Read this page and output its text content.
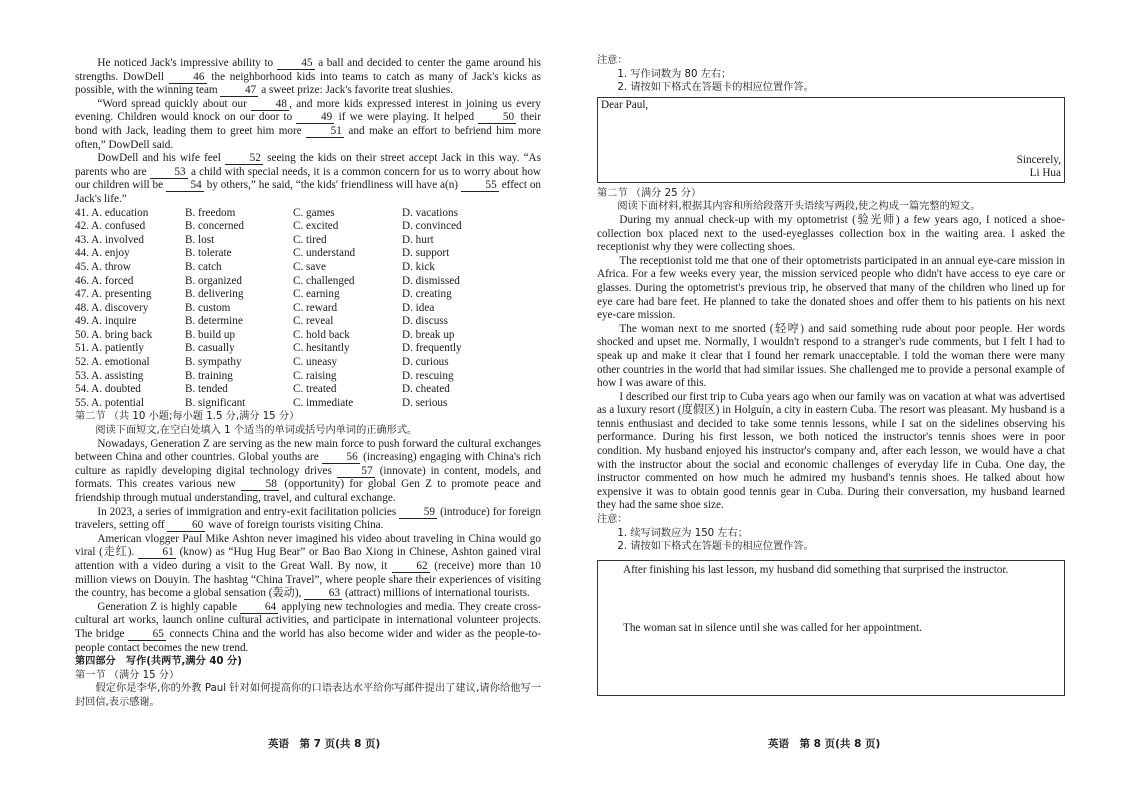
He noticed Jack's impressive ability to 45 a ball and decided to center the game around his strengths. DowDell 46 the neighborhood kids into teams to catch as many of Jack's kicks as possible, with the winning team 47 a sweet prize: Jack's favorite treat slushies.

“Word spread quickly about our 48 , and more kids expressed interest in joining us every evening. Children would knock on our door to 49 if we were playing. It helped 50 their bond with Jack, leading them to greet him more 51 and make an effort to befriend him more often,” DowDell said.

DowDell and his wife feel 52 seeing the kids on their street accept Jack in this way. “As parents who are 53 a child with special needs, it is a common concern for us to worry about how our children will be 54 by others,” he said, “the kids' friendliness will have a(n) 55 effect on Jack's life.”

41. A. education	B. freedom	C. games	D. vacations
42. A. confused	B. concerned	C. excited	D. convinced
43. A. involved	B. lost	C. tired	D. hurt
44. A. enjoy	B. tolerate	C. understand	D. support
45. A. throw	B. catch	C. save	D. kick
46. A. forced	B. organized	C. challenged	D. dismissed
47. A. presenting	B. delivering	C. earning	D. creating
48. A. discovery	B. custom	C. reward	D. idea
49. A. inquire	B. determine	C. reveal	D. discuss
50. A. bring back	B. build up	C. hold back	D. break up
51. A. patiently	B. casually	C. hesitantly	D. frequently
52. A. emotional	B. sympathy	C. uneasy	D. curious
53. A. assisting	B. training	C. raising	D. rescuing
54. A. doubted	B. tended	C. treated	D. cheated
55. A. potential	B. significant	C. immediate	D. serious
第二节 （共 10 小题;每小题 1.5 分,满分 15 分）

阅读下面短文,在空白处填入 1 个适当的单词或括号内单词的正确形式。

Nowadays, Generation Z are serving as the new main force to push forward the cultural exchanges between China and other countries. Global youths are 56 (increasing) engaging with China's rich culture as rapidly developing digital technology drives 57 (innovate) in content, models, and formats. This creates various new 58 (opportunity) for global Gen Z to promote peace and friendship through mutual understanding, travel, and cultural exchange.

In 2023, a series of immigration and entry-exit facilitation policies 59 (introduce) for foreign travelers, setting off 60 wave of foreign tourists visiting China.

American vlogger Paul Mike Ashton never imagined his video about traveling in China would go viral (走红). 61 (know) as “Hug Hug Bear” or Bao Bao Xiong in Chinese, Ashton gained viral attention with a video during a visit to the Great Wall. By now, it 62 (receive) more than 10 million views on Douyin. The hashtag “China Travel”, where people share their experiences of visiting the country, has become a global sensation (轰动), 63 (attract) millions of international tourists.

Generation Z is highly capable 64 applying new technologies and media. They create cross-cultural art works, launch online cultural activities, and participate in international volunteer projects. The bridge 65 connects China and the world has also become wider and wider as the people-to-people contact becomes the new trend.

第四部分　写作(共两节,满分 40 分)
第一节 （满分 15 分）

假定你是李华,你的外教 Paul 针对如何提高你的口语表达水平给你写邮件提出了建议,请你给他写一封回信,表示感谢。

英语　第 7 页(共 8 页)
注意：
1. 写作词数为 80 左右；
2. 请按如下格式在答题卡的相应位置作答。
Dear Paul,
Sincerely,
Li Hua
第二节 （满分 25 分）

阅读下面材料,根据其内容和所给段落开头语续写两段,使之构成一篇完整的短文。

During my annual check-up with my optometrist (验光师) a few years ago, I noticed a shoe-collection box placed next to the used-eyeglasses collection box in the waiting area. I asked the receptionist why they were collecting shoes.

The receptionist told me that one of their optometrists participated in an annual eye-care mission in Africa. For a few weeks every year, the mission serviced people who didn't have access to eye care or glasses. During the optometrist's previous trip, he observed that many of the children who lined up for eye care had bare feet. He planned to take the donated shoes and offer them to his patients on his next eye-care mission.

The woman next to me snorted (轻哼) and said something rude about poor people. Her words shocked and upset me. Normally, I wouldn't respond to a stranger's rude comments, but I felt I had to speak up and make it clear that I found her remark unacceptable. I told the woman there were many other countries in the world that had similar issues. She challenged me to provide a personal example of how I was aware of this.

I described our first trip to Cuba years ago when our family was on vacation at what was advertised as a luxury resort (度假区) in Holguín, a city in eastern Cuba. The resort was pleasant. My husband is a tennis enthusiast and decided to take some tennis lessons, while I sat on the sidelines observing his performance. During his first lesson, we both noticed the instructor's tennis shoes were in poor condition. My husband enjoyed his instructor's company and, after each lesson, we would have a chat with the instructor about the social and economic challenges of everyday life in Cuba. One day, the instructor commented on how much he admired my husband's tennis shoes. He talked about how expensive it was to obtain good tennis gear in Cuba. During their conversation, my husband learned they had the same shoe size.

注意：
1. 续写词数应为 150 左右；
2. 请按如下格式在答题卡的相应位置作答。
After finishing his last lesson, my husband did something that surprised the instructor.
The woman sat in silence until she was called for her appointment.
英语　第 8 页(共 8 页)
